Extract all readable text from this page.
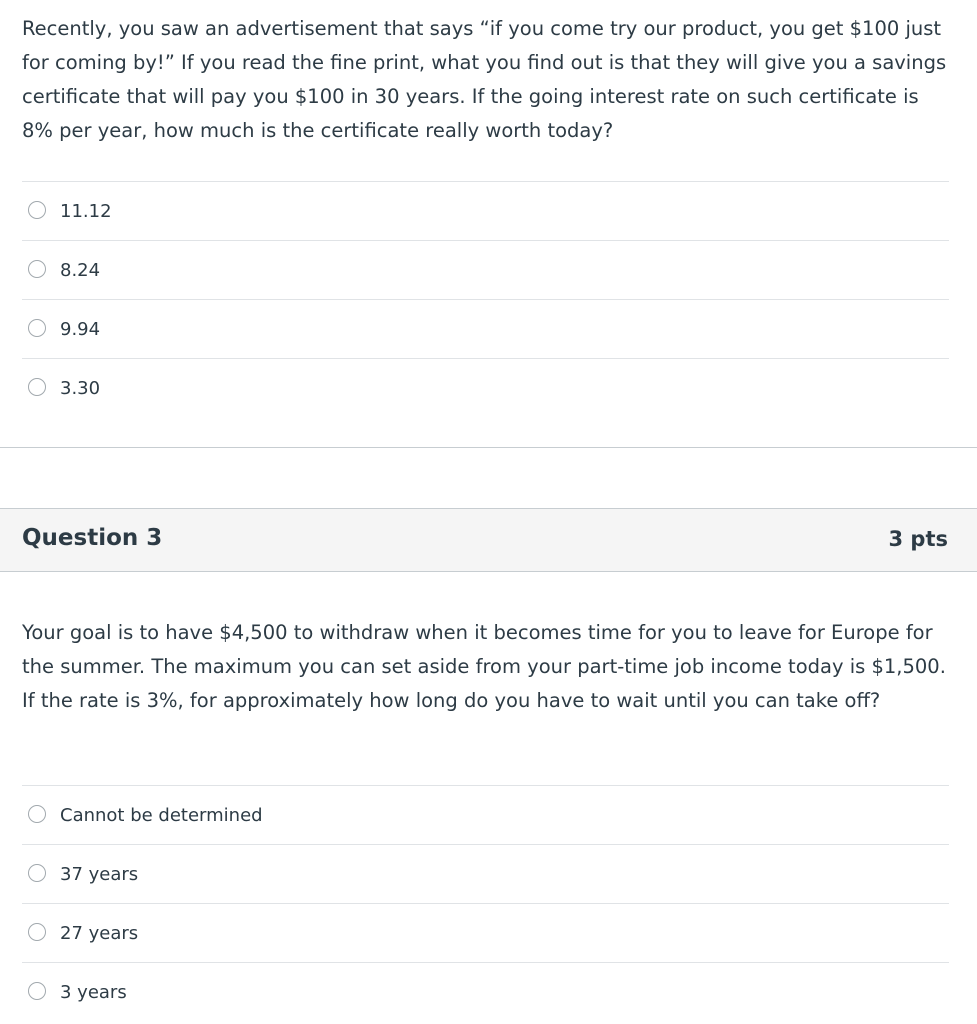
Recently, you saw an advertisement that says “if you come try our product, you get $100 just for coming by!” If you read the fine print, what you find out is that they will give you a savings certificate that will pay you $100 in 30 years. If the going interest rate on such certificate is 8% per year, how much is the certificate really worth today?

11.12
8.24
9.94
3.30
Question 3	3 pts

Your goal is to have $4,500 to withdraw when it becomes time for you to leave for Europe for the summer. The maximum you can set aside from your part-time job income today is $1,500. If the rate is 3%, for approximately how long do you have to wait until you can take off?

Cannot be determined
37 years
27 years
3 years
